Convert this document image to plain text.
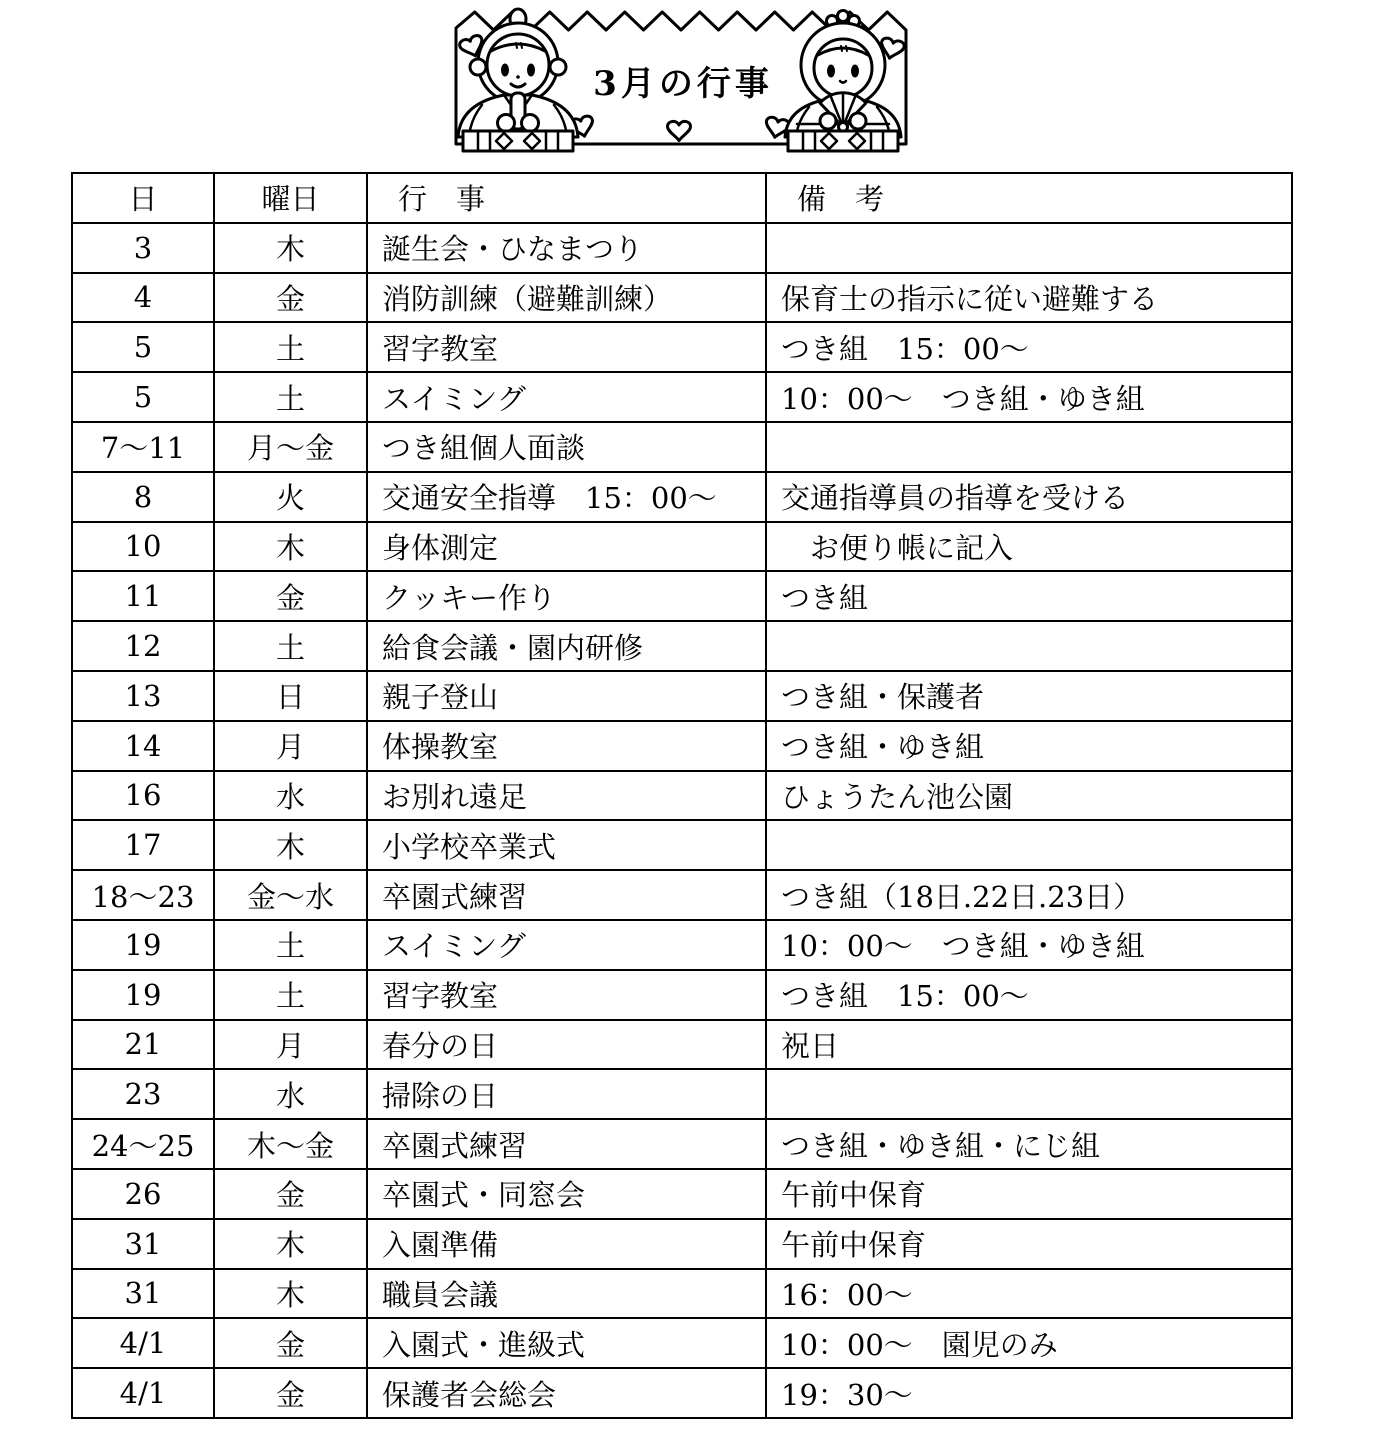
3月の行事
日	曜日	行　事	備　考
3	木	誕生会・ひなまつり	
4	金	消防訓練（避難訓練）	保育士の指示に従い避難する
5	土	習字教室	つき組　15：00～
5	土	スイミング	10：00～　つき組・ゆき組
7～11	月～金	つき組個人面談	
8	火	交通安全指導　15：00～	交通指導員の指導を受ける
10	木	身体測定	　お便り帳に記入
11	金	クッキー作り	つき組
12	土	給食会議・園内研修	
13	日	親子登山	つき組・保護者
14	月	体操教室	つき組・ゆき組
16	水	お別れ遠足	ひょうたん池公園
17	木	小学校卒業式	
18～23	金～水	卒園式練習	つき組（18日.22日.23日）
19	土	スイミング	10：00～　つき組・ゆき組
19	土	習字教室	つき組　15：00～
21	月	春分の日	祝日
23	水	掃除の日	
24～25	木～金	卒園式練習	つき組・ゆき組・にじ組
26	金	卒園式・同窓会	午前中保育
31	木	入園準備	午前中保育
31	木	職員会議	16：00～
4/1	金	入園式・進級式	10：00～　園児のみ
4/1	金	保護者会総会	19：30～
